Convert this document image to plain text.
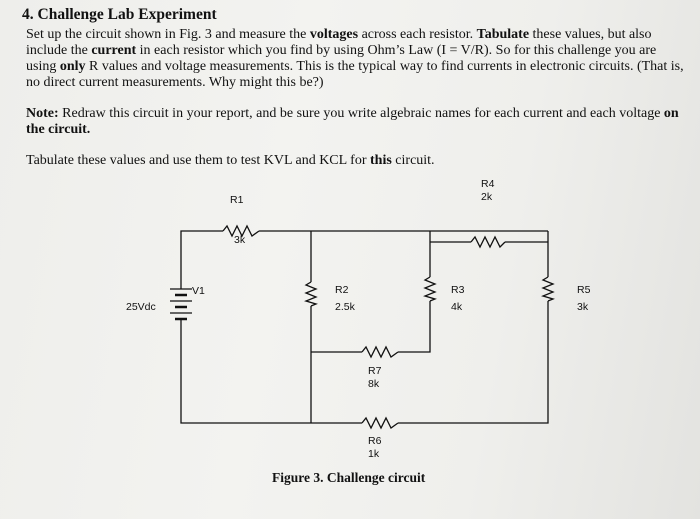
4. Challenge Lab Experiment
Set up the circuit shown in Fig. 3 and measure the voltages across each resistor. Tabulate these values, but also include the current in each resistor which you find by using Ohm’s Law (I = V/R). So for this challenge you are using only R values and voltage measurements. This is the typical way to find currents in electronic circuits. (That is, no direct current measurements. Why might this be?)
Note: Redraw this circuit in your report, and be sure you write algebraic names for each current and each voltage on the circuit.
Tabulate these values and use them to test KVL and KCL for this circuit.
R1
3k
V1
25Vdc
R2
2.5k
R3
4k
R4
2k
R5
3k
R7
8k
R6
1k
Figure 3. Challenge circuit
